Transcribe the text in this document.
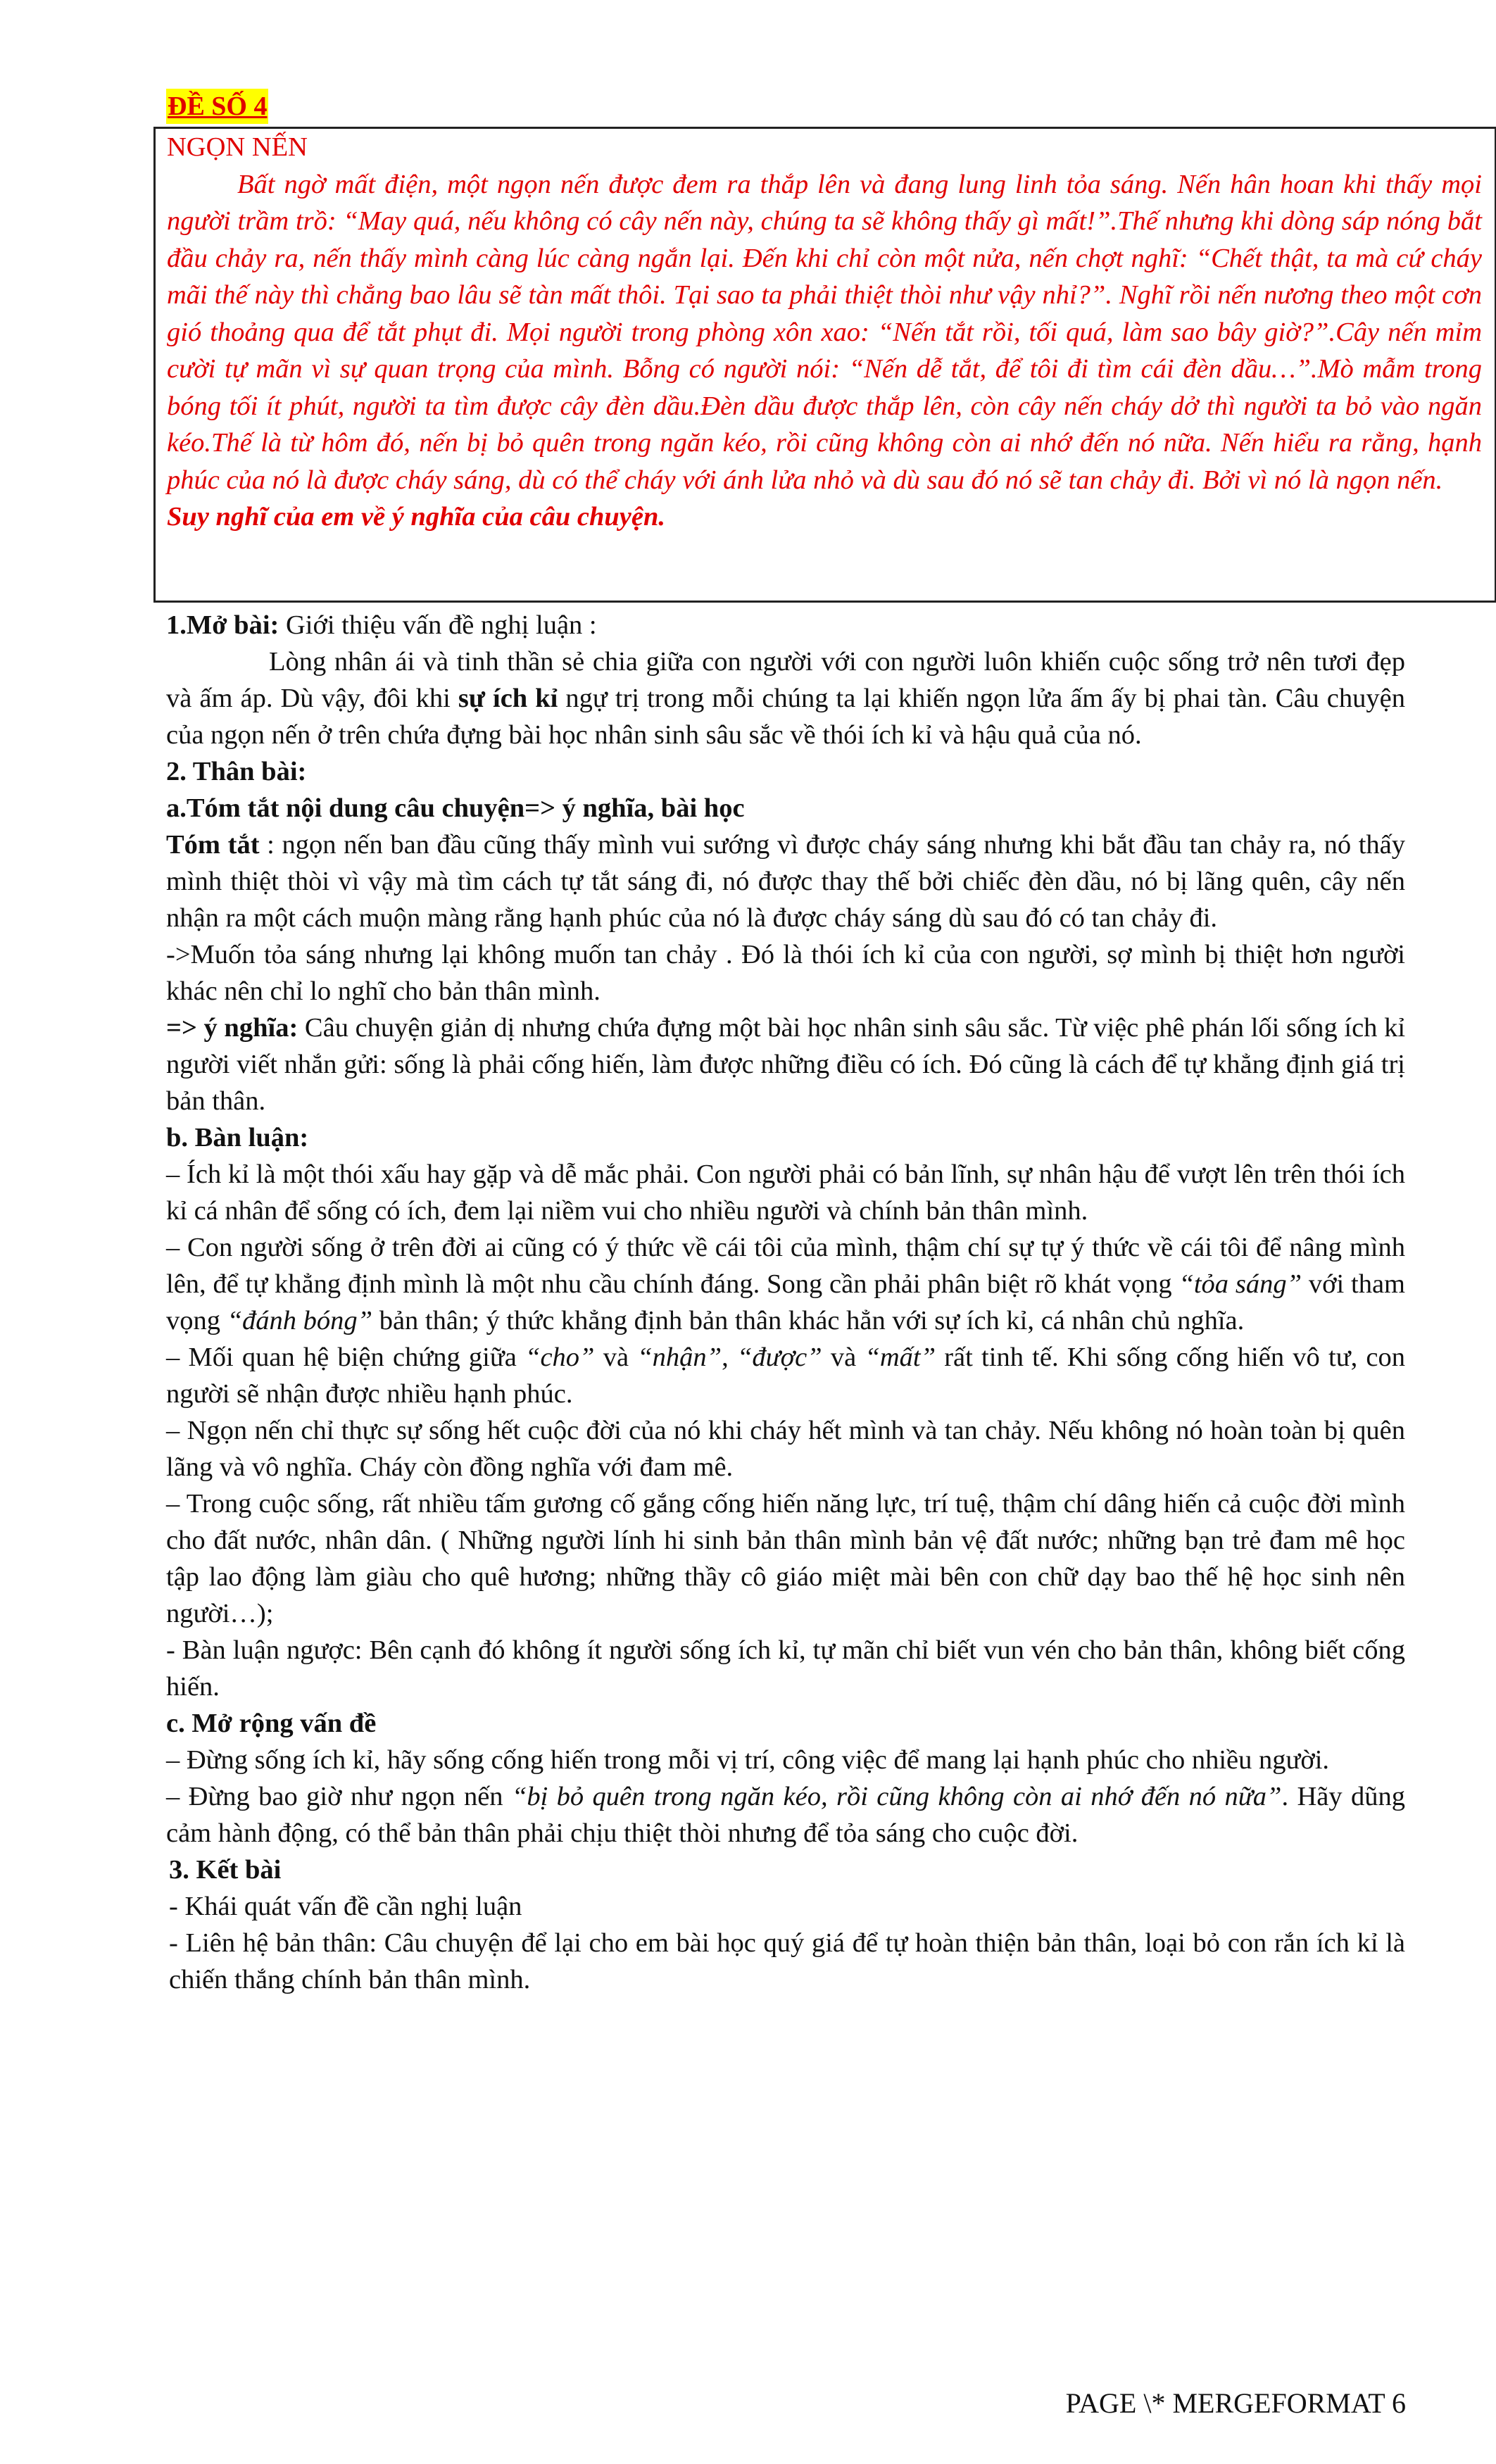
ĐỀ SỐ 4

NGỌN NẾN

Bất ngờ mất điện, một ngọn nến được đem ra thắp lên và đang lung linh tỏa sáng. Nến hân hoan khi thấy mọi người trầm trồ: “May quá, nếu không có cây nến này, chúng ta sẽ không thấy gì mất!”.Thế nhưng khi dòng sáp nóng bắt đầu chảy ra, nến thấy mình càng lúc càng ngắn lại. Đến khi chỉ còn một nửa, nến chợt nghĩ: “Chết thật, ta mà cứ cháy mãi thế này thì chẳng bao lâu sẽ tàn mất thôi. Tại sao ta phải thiệt thòi như vậy nhỉ?”. Nghĩ rồi nến nương theo một cơn gió thoảng qua để tắt phụt đi. Mọi người trong phòng xôn xao: “Nến tắt rồi, tối quá, làm sao bây giờ?”.Cây nến mỉm cười tự mãn vì sự quan trọng của mình. Bỗng có người nói: “Nến dễ tắt, để tôi đi tìm cái đèn dầu…”.Mò mẫm trong bóng tối ít phút, người ta tìm được cây đèn dầu.Đèn dầu được thắp lên, còn cây nến cháy dở thì người ta bỏ vào ngăn kéo.Thế là từ hôm đó, nến bị bỏ quên trong ngăn kéo, rồi cũng không còn ai nhớ đến nó nữa. Nến hiểu ra rằng, hạnh phúc của nó là được cháy sáng, dù có thể cháy với ánh lửa nhỏ và dù sau đó nó sẽ tan chảy đi. Bởi vì nó là ngọn nến.

Suy nghĩ của em về ý nghĩa của câu chuyện.

1.Mở bài: Giới thiệu vấn đề nghị luận :

Lòng nhân ái và tinh thần sẻ chia giữa con người với con người luôn khiến cuộc sống trở nên tươi đẹp và ấm áp. Dù vậy, đôi khi sự ích kỉ ngự trị trong mỗi chúng ta lại khiến ngọn lửa ấm ấy bị phai tàn. Câu chuyện của ngọn nến ở trên chứa đựng bài học nhân sinh sâu sắc về thói ích kỉ và hậu quả của nó.

2. Thân bài:

a.Tóm tắt nội dung câu chuyện=> ý nghĩa, bài học

Tóm tắt : ngọn nến ban đầu cũng thấy mình vui sướng vì được cháy sáng nhưng khi bắt đầu tan chảy ra, nó thấy mình thiệt thòi vì vậy mà tìm cách tự tắt sáng đi, nó được thay thế bởi chiếc đèn dầu, nó bị lãng quên, cây nến nhận ra một cách muộn màng rằng hạnh phúc của nó là được cháy sáng dù sau đó có tan chảy đi.

->Muốn tỏa sáng nhưng lại không muốn tan chảy . Đó là thói ích kỉ của con người, sợ mình bị thiệt hơn người khác nên chỉ lo nghĩ cho bản thân mình.

=> ý nghĩa: Câu chuyện giản dị nhưng chứa đựng một bài học nhân sinh sâu sắc. Từ việc phê phán lối sống ích kỉ người viết nhắn gửi: sống là phải cống hiến, làm được những điều có ích. Đó cũng là cách để tự khẳng định giá trị bản thân.

b. Bàn luận:

– Ích kỉ là một thói xấu hay gặp và dễ mắc phải. Con người phải có bản lĩnh, sự nhân hậu để vượt lên trên thói ích kỉ cá nhân để sống có ích, đem lại niềm vui cho nhiều người và chính bản thân mình.

– Con người sống ở trên đời ai cũng có ý thức về cái tôi của mình, thậm chí sự tự ý thức về cái tôi để nâng mình lên, để tự khẳng định mình là một nhu cầu chính đáng. Song cần phải phân biệt rõ khát vọng “tỏa sáng” với tham vọng “đánh bóng” bản thân; ý thức khẳng định bản thân khác hẳn với sự ích kỉ, cá nhân chủ nghĩa.

– Mối quan hệ biện chứng giữa “cho” và “nhận”, “được” và “mất” rất tinh tế. Khi sống cống hiến vô tư, con người sẽ nhận được nhiều hạnh phúc.

– Ngọn nến chỉ thực sự sống hết cuộc đời của nó khi cháy hết mình và tan chảy. Nếu không nó hoàn toàn bị quên lãng và vô nghĩa. Cháy còn đồng nghĩa với đam mê.

– Trong cuộc sống, rất nhiều tấm gương cố gắng cống hiến năng lực, trí tuệ, thậm chí dâng hiến cả cuộc đời mình cho đất nước, nhân dân. ( Những người lính hi sinh bản thân mình bản vệ đất nước; những bạn trẻ đam mê học tập lao động làm giàu cho quê hương; những thầy cô giáo miệt mài bên con chữ dạy bao thế hệ học sinh nên người…);

- Bàn luận ngược: Bên cạnh đó không ít người sống ích kỉ, tự mãn chỉ biết vun vén cho bản thân, không biết cống hiến.

c. Mở rộng vấn đề

– Đừng sống ích kỉ, hãy sống cống hiến trong mỗi vị trí, công việc để mang lại hạnh phúc cho nhiều người.

– Đừng bao giờ như ngọn nến “bị bỏ quên trong ngăn kéo, rồi cũng không còn ai nhớ đến nó nữa”. Hãy dũng cảm hành động, có thể bản thân phải chịu thiệt thòi nhưng để tỏa sáng cho cuộc đời.

3. Kết bài

- Khái quát vấn đề cần nghị luận

- Liên hệ bản thân: Câu chuyện để lại cho em bài học quý giá để tự hoàn thiện bản thân, loại bỏ con rắn ích kỉ là chiến thắng chính bản thân mình.

PAGE \* MERGEFORMAT 6
